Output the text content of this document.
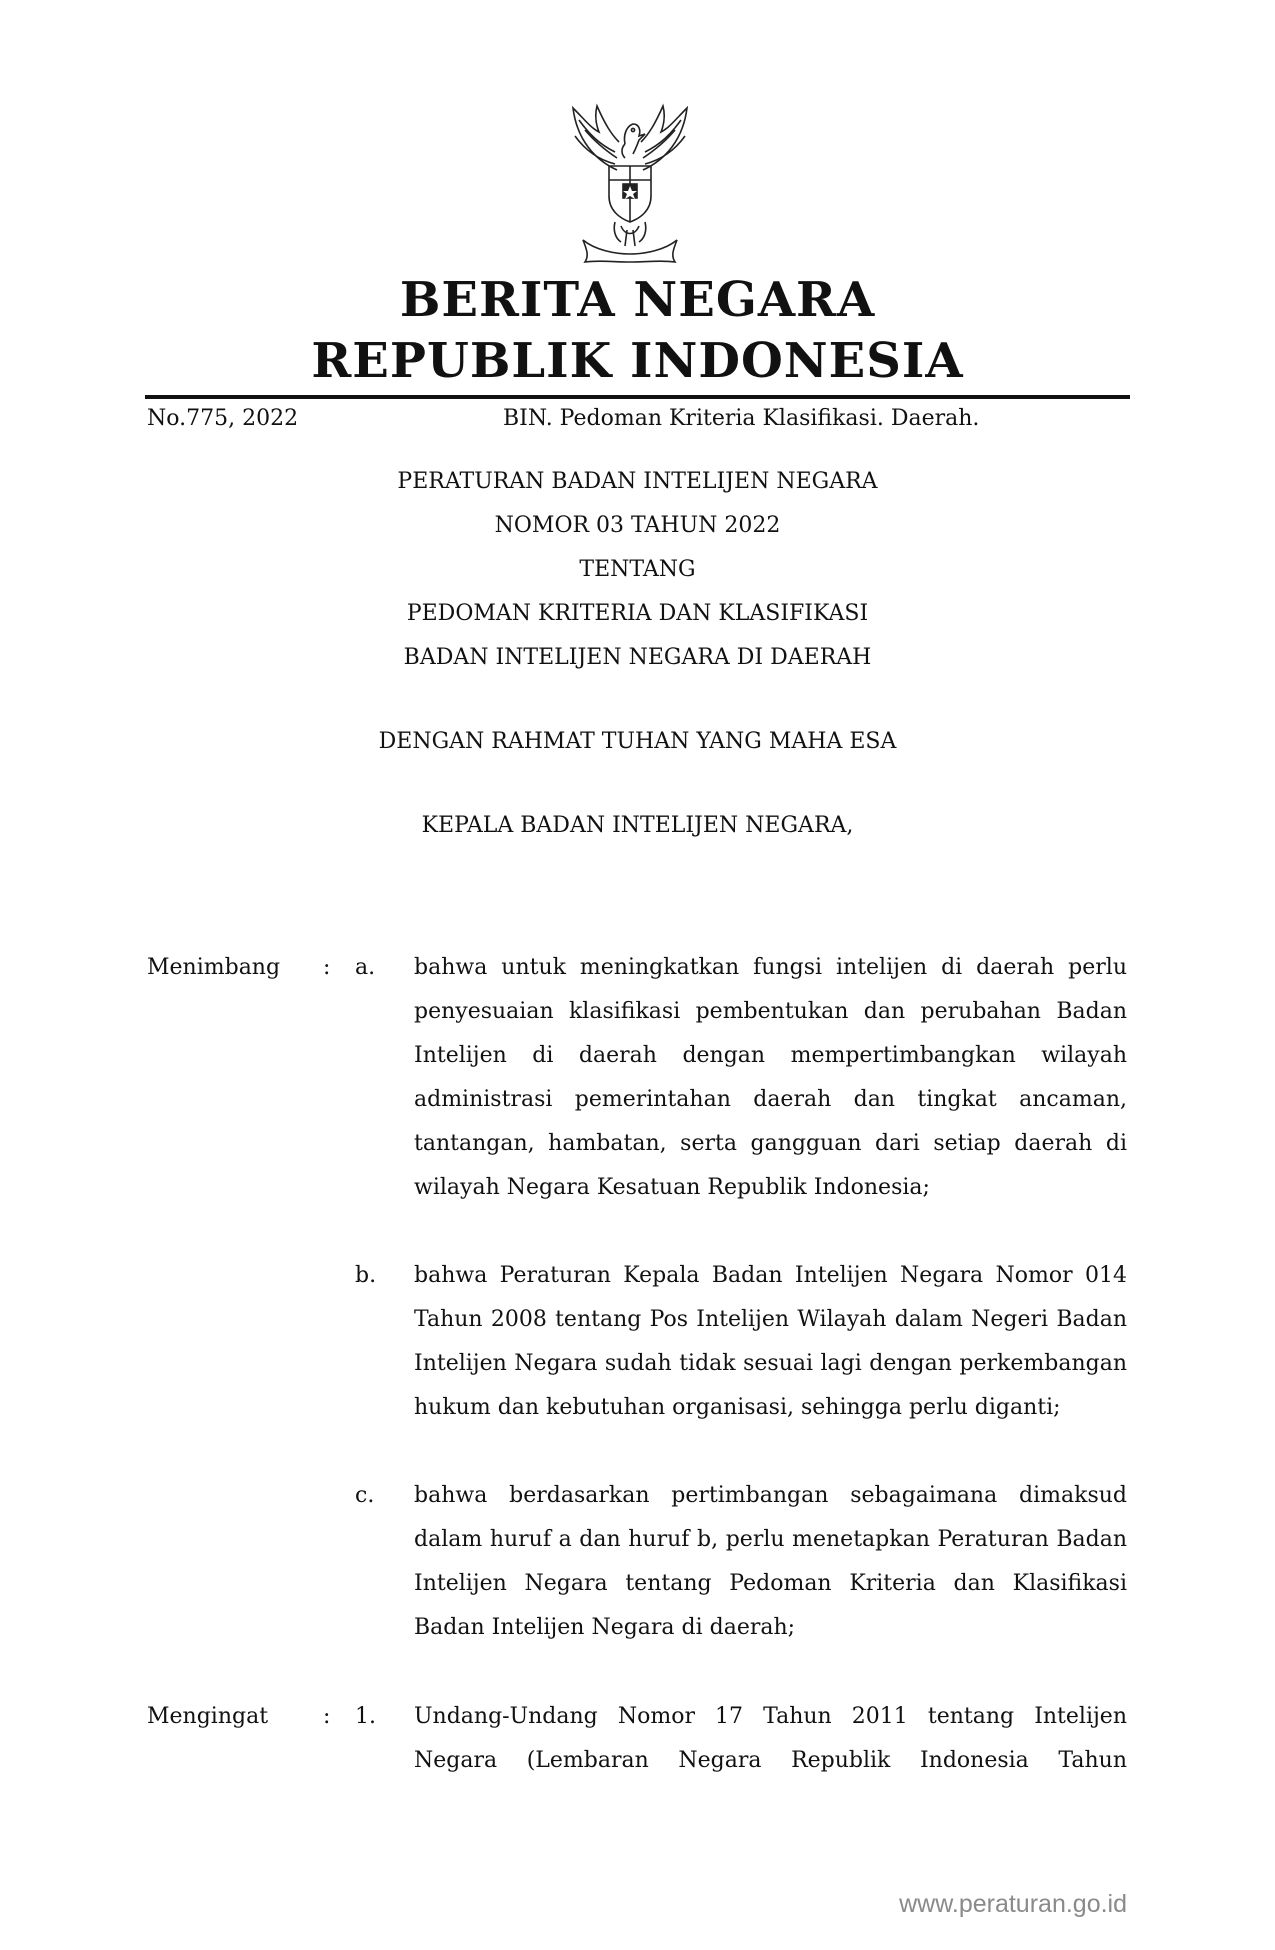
BERITA NEGARA
REPUBLIK INDONESIA
No.775, 2022	BIN. Pedoman Kriteria Klasifikasi. Daerah.
PERATURAN BADAN INTELIJEN NEGARA
NOMOR 03 TAHUN 2022
TENTANG
PEDOMAN KRITERIA DAN KLASIFIKASI
BADAN INTELIJEN NEGARA DI DAERAH
DENGAN RAHMAT TUHAN YANG MAHA ESA
KEPALA BADAN INTELIJEN NEGARA,
Menimbang : a. bahwa untuk meningkatkan fungsi intelijen di daerah perlu penyesuaian klasifikasi pembentukan dan perubahan Badan Intelijen di daerah dengan mempertimbangkan wilayah administrasi pemerintahan daerah dan tingkat ancaman, tantangan, hambatan, serta gangguan dari setiap daerah di wilayah Negara Kesatuan Republik Indonesia;

b. bahwa Peraturan Kepala Badan Intelijen Negara Nomor 014 Tahun 2008 tentang Pos Intelijen Wilayah dalam Negeri Badan Intelijen Negara sudah tidak sesuai lagi dengan perkembangan hukum dan kebutuhan organisasi, sehingga perlu diganti;

c. bahwa berdasarkan pertimbangan sebagaimana dimaksud dalam huruf a dan huruf b, perlu menetapkan Peraturan Badan Intelijen Negara tentang Pedoman Kriteria dan Klasifikasi Badan Intelijen Negara di daerah;

Mengingat : 1. Undang-Undang Nomor 17 Tahun 2011 tentang Intelijen Negara (Lembaran Negara Republik Indonesia Tahun

www.peraturan.go.id
